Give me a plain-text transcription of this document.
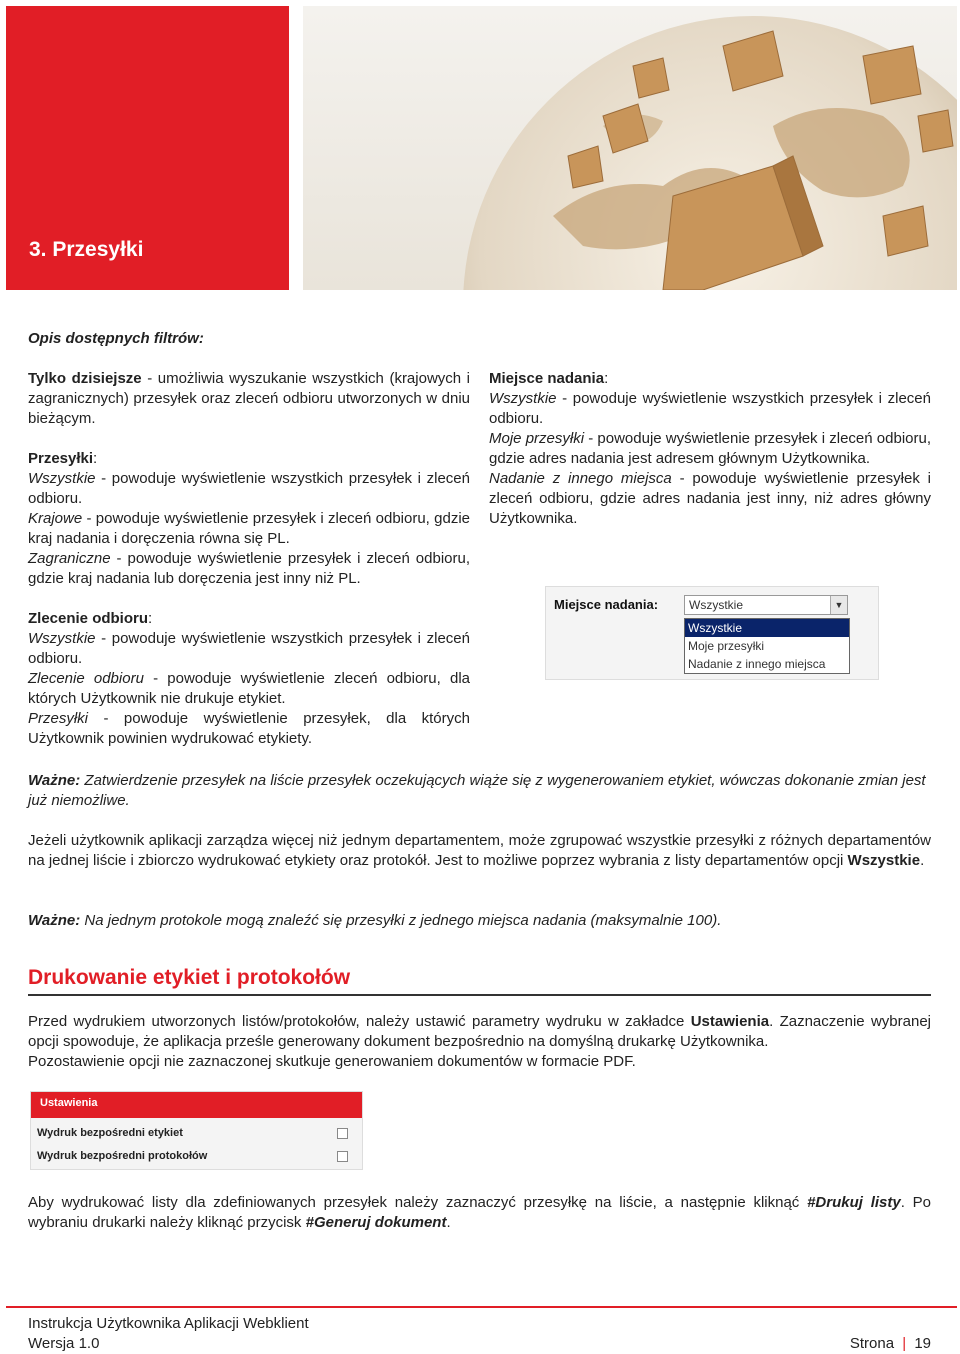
3. Przesyłki

Opis dostępnych filtrów:

Tylko dzisiejsze - umożliwia wyszukanie wszystkich (krajowych i zagranicznych) przesyłek oraz zleceń odbioru utworzonych w dniu bieżącym.

Przesyłki:

Wszystkie - powoduje wyświetlenie wszystkich przesyłek i zleceń odbioru.

Krajowe - powoduje wyświetlenie przesyłek i zleceń odbioru, gdzie kraj nadania i doręczenia równa się PL.

Zagraniczne - powoduje wyświetlenie przesyłek i zleceń odbioru, gdzie kraj nadania lub doręczenia jest inny niż PL.

Zlecenie odbioru:

Wszystkie - powoduje wyświetlenie wszystkich przesyłek i zleceń odbioru.

Zlecenie odbioru - powoduje wyświetlenie zleceń odbioru, dla których Użytkownik nie drukuje etykiet.

Przesyłki - powoduje wyświetlenie przesyłek, dla których Użytkownik powinien wydrukować etykiety.

Miejsce nadania:

Wszystkie - powoduje wyświetlenie wszystkich przesyłek i zleceń odbioru.

Moje przesyłki - powoduje wyświetlenie przesyłek i zleceń odbioru, gdzie adres nadania jest adresem głównym Użytkownika.

Nadanie z innego miejsca - powoduje wyświetlenie przesyłek i zleceń odbioru, gdzie adres nadania jest inny, niż adres główny Użytkownika.

Miejsce nadania:	Wszystkie	▼
Wszystkie
Moje przesyłki
Nadanie z innego miejsca

Ważne: Zatwierdzenie przesyłek na liście przesyłek oczekujących wiąże się z wygenerowaniem etykiet, wówczas dokonanie zmian jest już niemożliwe.

Jeżeli użytkownik aplikacji zarządza więcej niż jednym departamentem, może zgrupować wszystkie przesyłki z różnych departamentów na jednej liście i zbiorczo wydrukować etykiety oraz protokół. Jest to możliwe poprzez wybrania z listy departamentów opcji Wszystkie.

Ważne: Na jednym protokole mogą znaleźć się przesyłki z jednego miejsca nadania (maksymalnie 100).

Drukowanie etykiet i protokołów

Przed wydrukiem utworzonych listów/protokołów, należy ustawić parametry wydruku w zakładce Ustawienia. Zaznaczenie wybranej opcji spowoduje, że aplikacja prześle generowany dokument bezpośrednio na domyślną drukarkę Użytkownika.

Pozostawienie opcji nie zaznaczonej skutkuje generowaniem dokumentów w formacie PDF.

Ustawienia
Wydruk bezpośredni etykiet
Wydruk bezpośredni protokołów

Aby wydrukować listy dla zdefiniowanych przesyłek należy zaznaczyć przesyłkę na liście, a następnie kliknąć #Drukuj listy. Po wybraniu drukarki należy kliknąć przycisk #Generuj dokument.

Instrukcja Użytkownika Aplikacji Webklient

Wersja 1.0	Strona | 19
